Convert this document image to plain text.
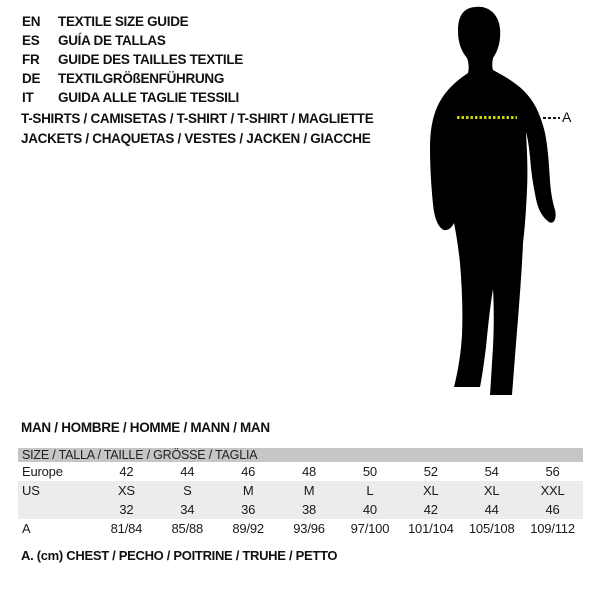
EN	TEXTILE SIZE GUIDE
ES	GUÍA DE TALLAS
FR	GUIDE DES TAILLES TEXTILE
DE	TEXTILGRÖßENFÜHRUNG
IT	GUIDA ALLE TAGLIE TESSILI
T-SHIRTS / CAMISETAS / T-SHIRT / T-SHIRT / MAGLIETTE
JACKETS / CHAQUETAS / VESTES / JACKEN / GIACCHE
A
MAN / HOMBRE / HOMME / MANN / MAN
SIZE / TALLA / TAILLE / GRÖSSE / TAGLIA
Europe	42	44	46	48	50	52	54	56
US	XS	S	M	M	L	XL	XL	XXL
	32	34	36	38	40	42	44	46
A	81/84	85/88	89/92	93/96	97/100	101/104	105/108	109/112
A. (cm) CHEST / PECHO / POITRINE / TRUHE / PETTO
